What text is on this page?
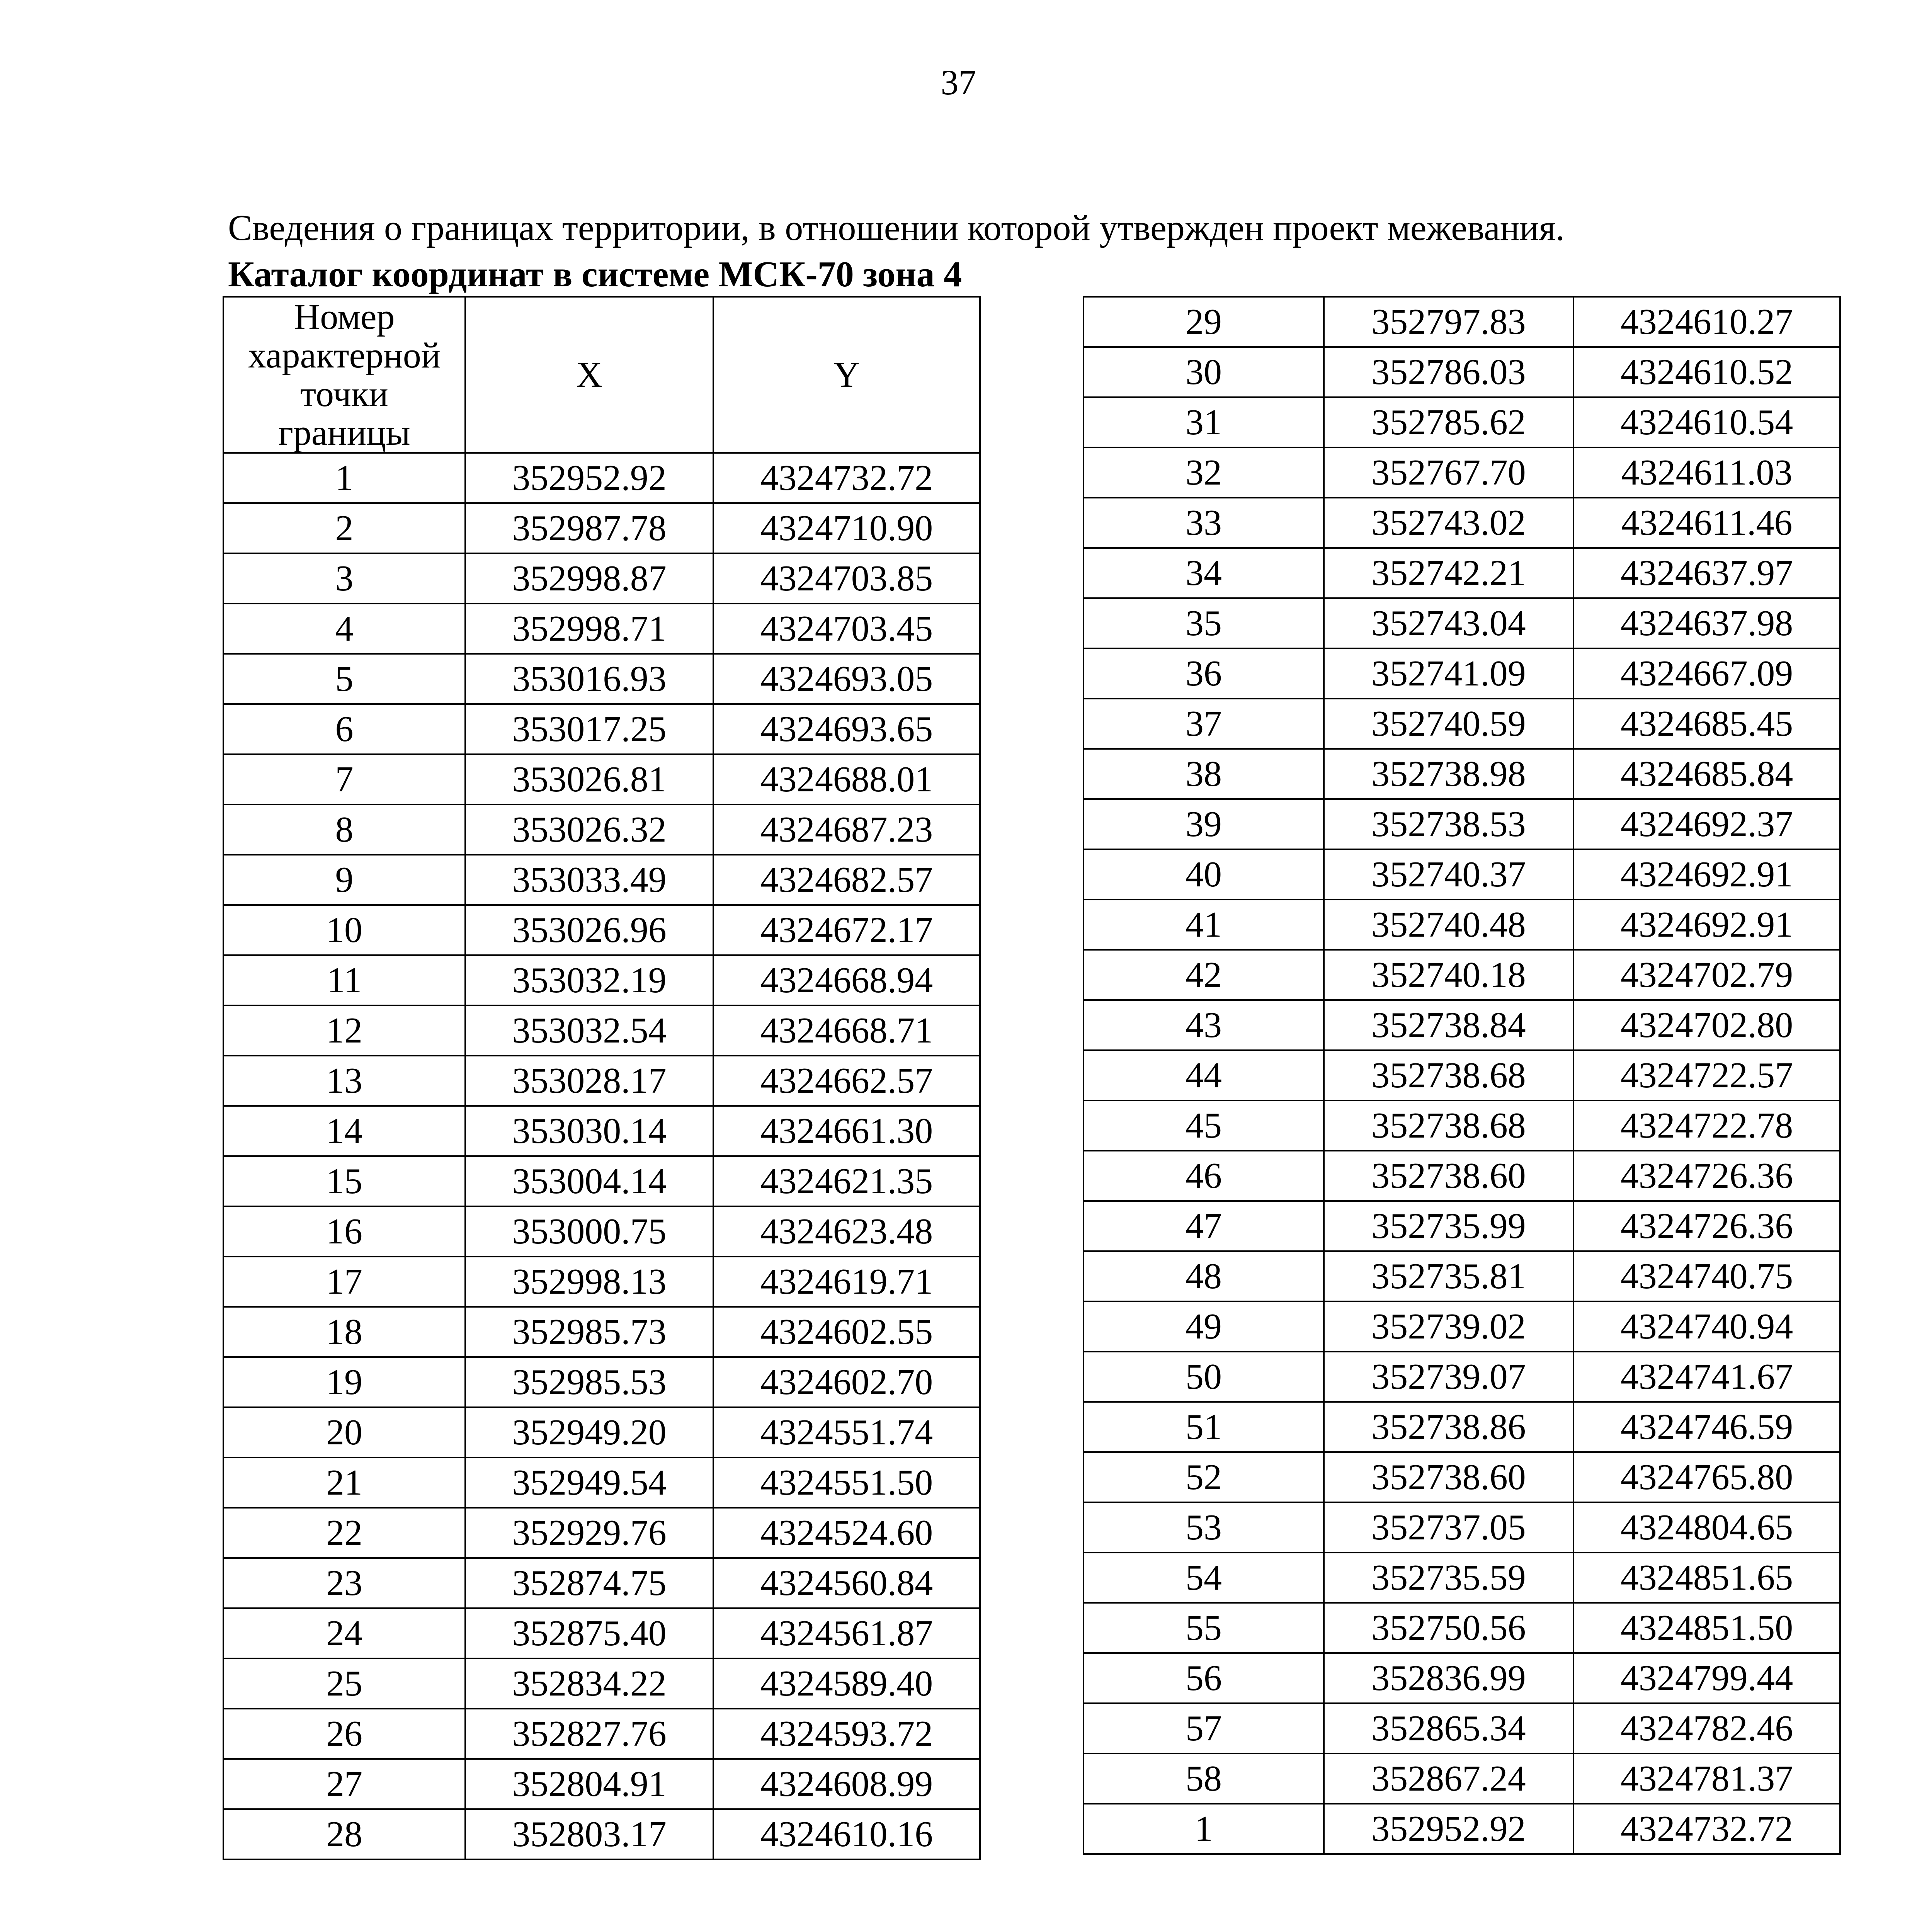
37
Сведения о границах территории, в отношении которой утвержден проект межевания.
Каталог координат в системе МСК-70 зона 4
Номер
характерной
точки
границы	X	Y
1	352952.92	4324732.72
2	352987.78	4324710.90
3	352998.87	4324703.85
4	352998.71	4324703.45
5	353016.93	4324693.05
6	353017.25	4324693.65
7	353026.81	4324688.01
8	353026.32	4324687.23
9	353033.49	4324682.57
10	353026.96	4324672.17
11	353032.19	4324668.94
12	353032.54	4324668.71
13	353028.17	4324662.57
14	353030.14	4324661.30
15	353004.14	4324621.35
16	353000.75	4324623.48
17	352998.13	4324619.71
18	352985.73	4324602.55
19	352985.53	4324602.70
20	352949.20	4324551.74
21	352949.54	4324551.50
22	352929.76	4324524.60
23	352874.75	4324560.84
24	352875.40	4324561.87
25	352834.22	4324589.40
26	352827.76	4324593.72
27	352804.91	4324608.99
28	352803.17	4324610.16
29	352797.83	4324610.27
30	352786.03	4324610.52
31	352785.62	4324610.54
32	352767.70	4324611.03
33	352743.02	4324611.46
34	352742.21	4324637.97
35	352743.04	4324637.98
36	352741.09	4324667.09
37	352740.59	4324685.45
38	352738.98	4324685.84
39	352738.53	4324692.37
40	352740.37	4324692.91
41	352740.48	4324692.91
42	352740.18	4324702.79
43	352738.84	4324702.80
44	352738.68	4324722.57
45	352738.68	4324722.78
46	352738.60	4324726.36
47	352735.99	4324726.36
48	352735.81	4324740.75
49	352739.02	4324740.94
50	352739.07	4324741.67
51	352738.86	4324746.59
52	352738.60	4324765.80
53	352737.05	4324804.65
54	352735.59	4324851.65
55	352750.56	4324851.50
56	352836.99	4324799.44
57	352865.34	4324782.46
58	352867.24	4324781.37
1	352952.92	4324732.72
